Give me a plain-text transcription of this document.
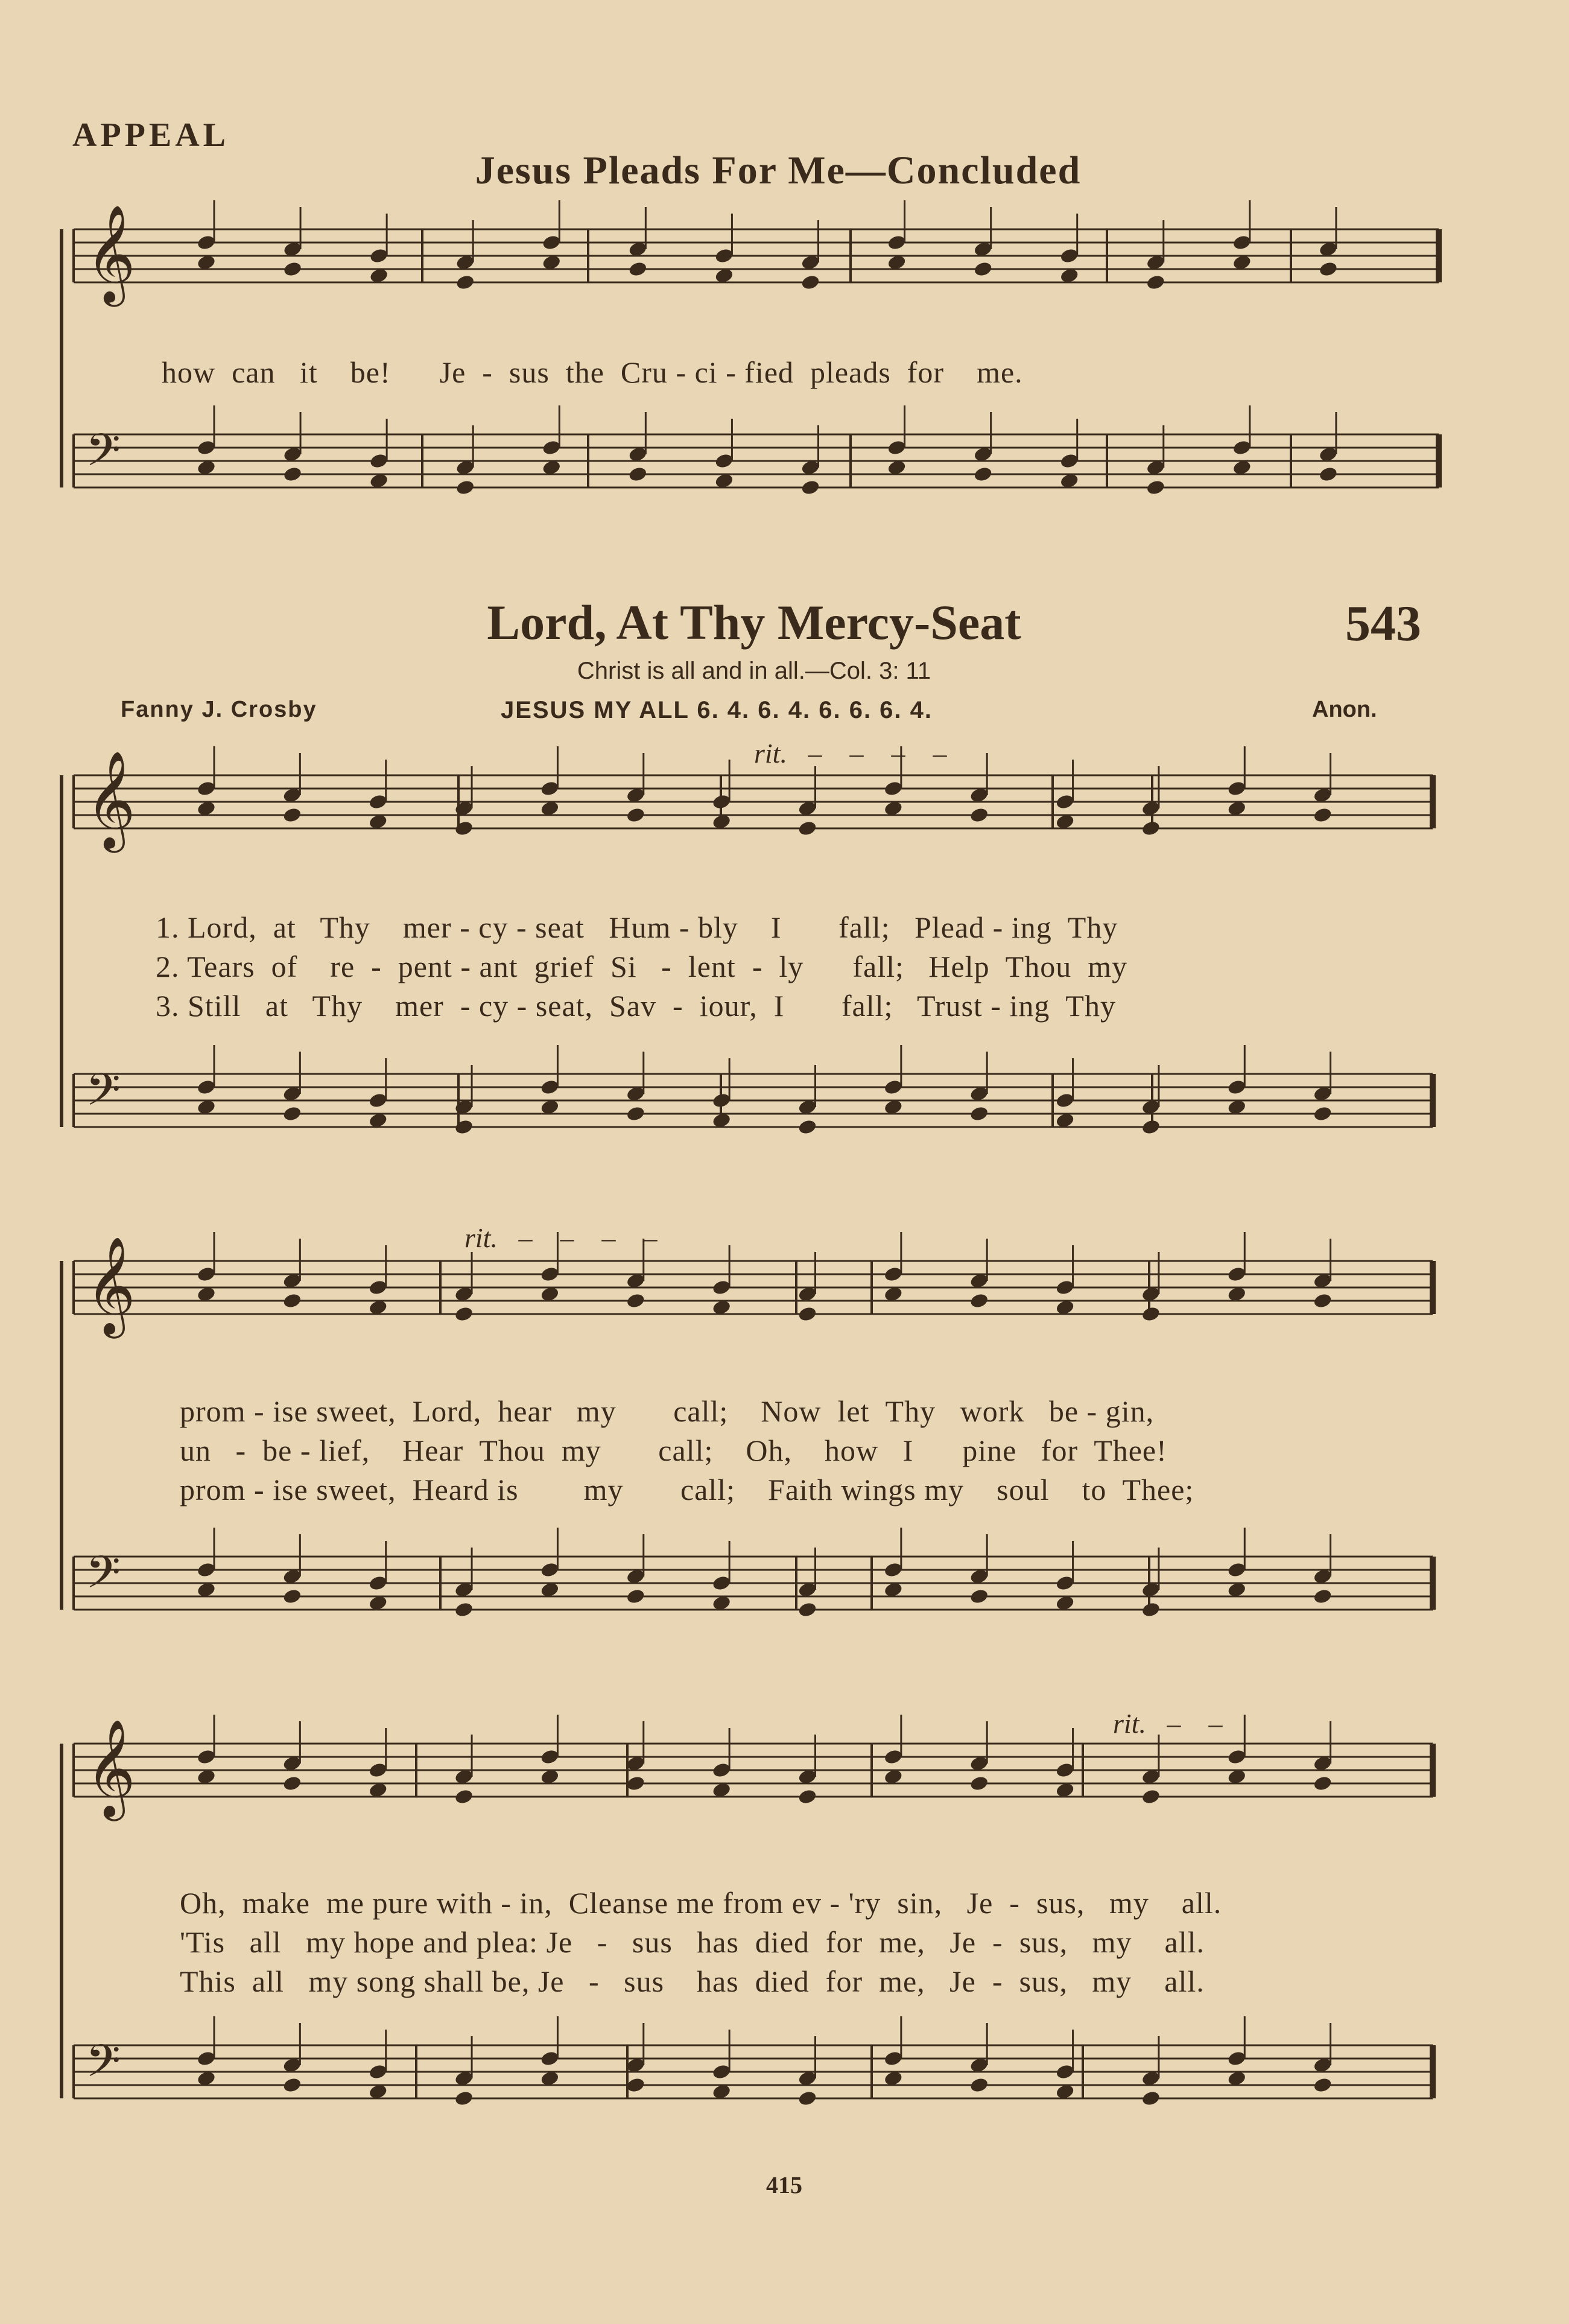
APPEAL
Jesus Pleads For Me—Concluded
how  can   it    be!      Je  -  sus  the  Cru - ci - fied  pleads  for    me.
Lord, At Thy Mercy-Seat	543
Christ is all and in all.—Col. 3: 11
Fanny J. Crosby	JESUS MY ALL 6. 4. 6. 4. 6. 6. 6. 4.	Anon.
rit.   –    –    –    –
rit.   –    –    –    –
rit.   –    –
1. Lord,  at   Thy    mer - cy - seat   Hum - bly    I       fall;   Plead - ing  Thy
2. Tears  of    re  -  pent - ant  grief  Si   -  lent  -  ly      fall;   Help  Thou  my
3. Still   at   Thy    mer  - cy - seat,  Sav  -  iour,  I       fall;   Trust - ing  Thy
prom - ise sweet,  Lord,  hear   my       call;    Now  let  Thy   work   be - gin,
un   -  be - lief,    Hear  Thou  my       call;    Oh,    how   I      pine   for  Thee!
prom - ise sweet,  Heard is        my       call;    Faith wings my    soul    to  Thee;
Oh,  make  me pure with - in,  Cleanse me from ev - 'ry  sin,   Je  -  sus,   my    all.
'Tis   all   my hope and plea: Je   -   sus   has  died  for  me,   Je  -  sus,   my    all.
This  all   my song shall be, Je   -   sus    has  died  for  me,   Je  -  sus,   my    all.
415
𝄞
𝄢
𝄞
𝄢
𝄞
𝄢
𝄞
𝄢
